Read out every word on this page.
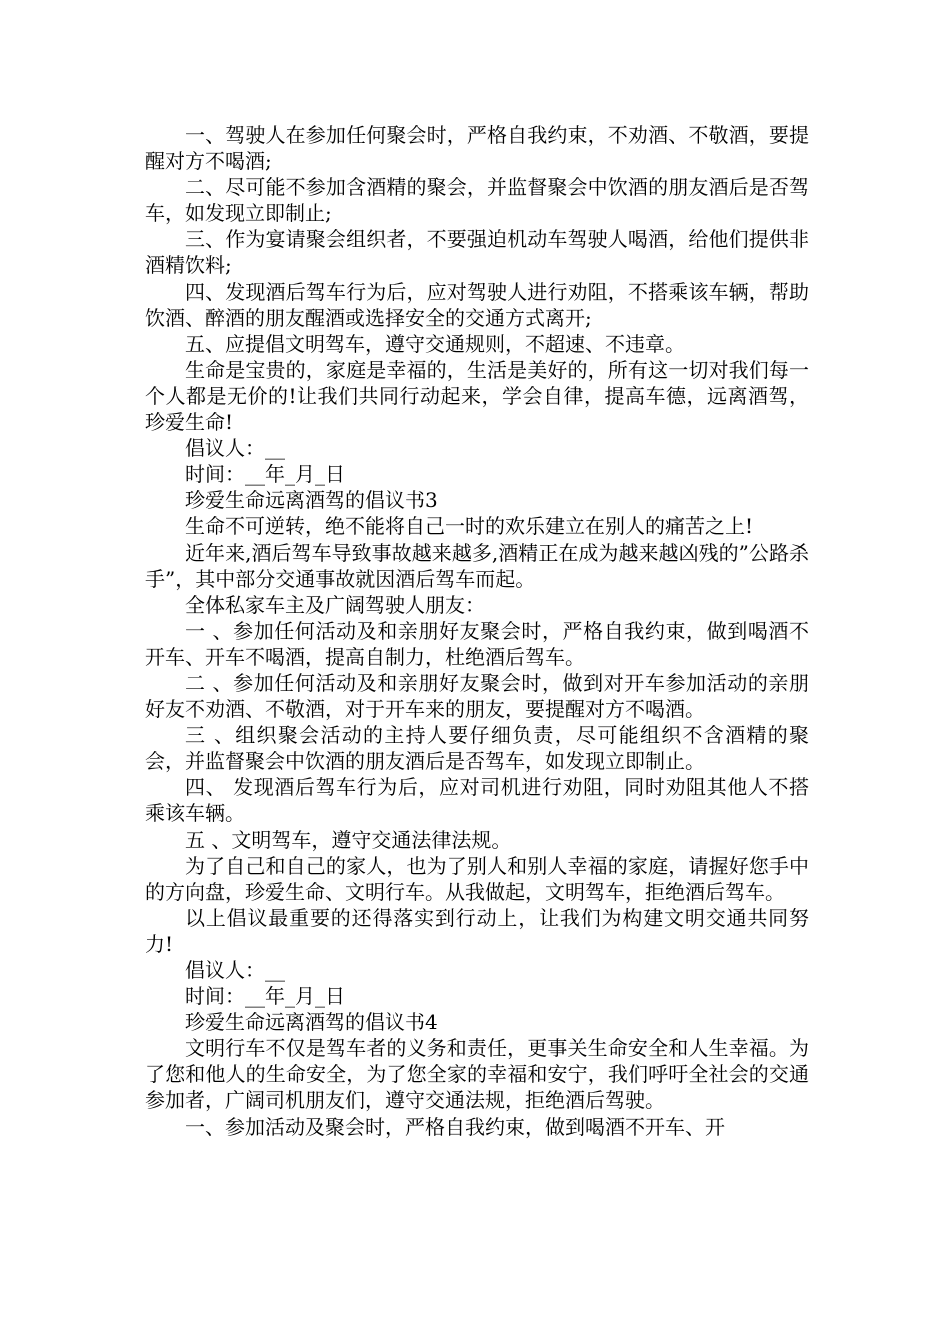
一、驾驶人在参加任何聚会时，严格自我约束，不劝酒、不敬酒，要提醒对方不喝酒;

二、尽可能不参加含酒精的聚会，并监督聚会中饮酒的朋友酒后是否驾车，如发现立即制止;

三、作为宴请聚会组织者，不要强迫机动车驾驶人喝酒，给他们提供非酒精饮料;

四、发现酒后驾车行为后，应对驾驶人进行劝阻，不搭乘该车辆，帮助饮酒、醉酒的朋友醒酒或选择安全的交通方式离开;

五、应提倡文明驾车，遵守交通规则，不超速、不违章。

生命是宝贵的，家庭是幸福的，生活是美好的，所有这一切对我们每一个人都是无价的!让我们共同行动起来，学会自律，提高车德，远离酒驾，珍爱生命!

倡议人：__

时间：__年_月_日

珍爱生命远离酒驾的倡议书3

生命不可逆转，绝不能将自己一时的欢乐建立在别人的痛苦之上!

近年来,酒后驾车导致事故越来越多,酒精正在成为越来越凶残的”公路杀手”，其中部分交通事故就因酒后驾车而起。

全体私家车主及广阔驾驶人朋友：

一 、参加任何活动及和亲朋好友聚会时，严格自我约束，做到喝酒不开车、开车不喝酒，提高自制力，杜绝酒后驾车。

二 、参加任何活动及和亲朋好友聚会时，做到对开车参加活动的亲朋好友不劝酒、不敬酒，对于开车来的朋友，要提醒对方不喝酒。

三 、组织聚会活动的主持人要仔细负责，尽可能组织不含酒精的聚会，并监督聚会中饮酒的朋友酒后是否驾车，如发现立即制止。

四、 发现酒后驾车行为后，应对司机进行劝阻，同时劝阻其他人不搭乘该车辆。

五 、文明驾车，遵守交通法律法规。

为了自己和自己的家人，也为了别人和别人幸福的家庭，请握好您手中的方向盘，珍爱生命、文明行车。从我做起，文明驾车，拒绝酒后驾车。

以上倡议最重要的还得落实到行动上，让我们为构建文明交通共同努力!

倡议人：__

时间：__年_月_日

珍爱生命远离酒驾的倡议书4

文明行车不仅是驾车者的义务和责任，更事关生命安全和人生幸福。为了您和他人的生命安全，为了您全家的幸福和安宁，我们呼吁全社会的交通参加者，广阔司机朋友们，遵守交通法规，拒绝酒后驾驶。

一、参加活动及聚会时，严格自我约束，做到喝酒不开车、开
